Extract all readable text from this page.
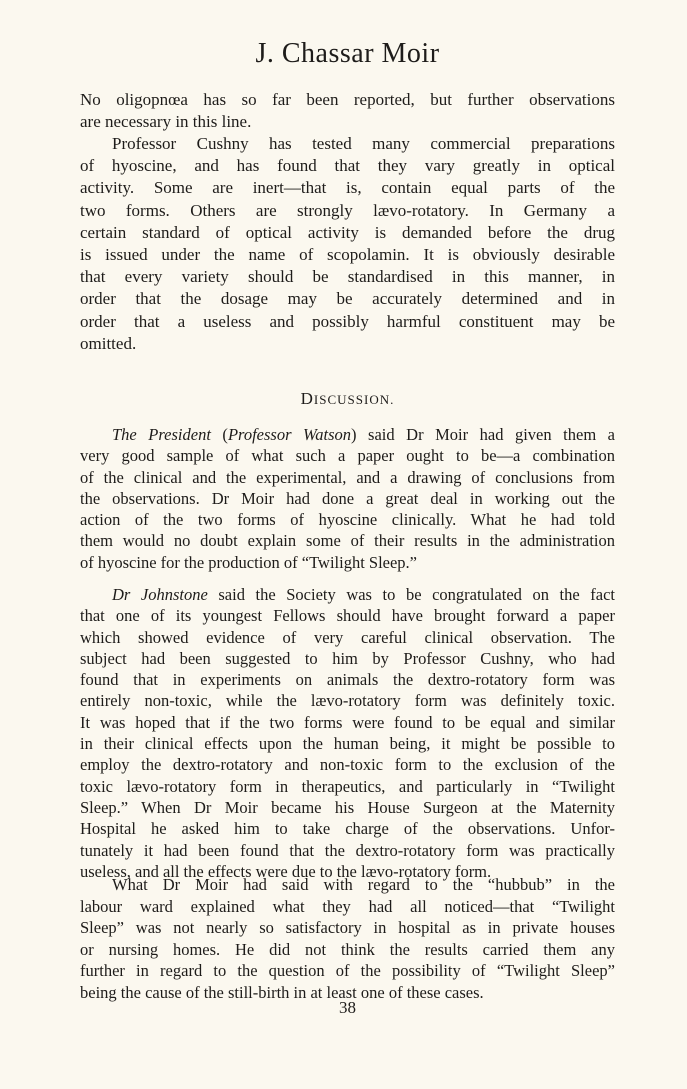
J. Chassar Moir
No oligopnœa has so far been reported, but further observations
are necessary in this line.
Professor Cushny has tested many commercial preparations
of hyoscine, and has found that they vary greatly in optical
activity. Some are inert—that is, contain equal parts of the
two forms. Others are strongly lævo-rotatory. In Germany a
certain standard of optical activity is demanded before the drug
is issued under the name of scopolamin. It is obviously desirable
that every variety should be standardised in this manner, in
order that the dosage may be accurately determined and in
order that a useless and possibly harmful constituent may be
omitted.
DISCUSSION.
The President (Professor Watson) said Dr Moir had given them a
very good sample of what such a paper ought to be—a combination
of the clinical and the experimental, and a drawing of conclusions from
the observations. Dr Moir had done a great deal in working out the
action of the two forms of hyoscine clinically. What he had told
them would no doubt explain some of their results in the administration
of hyoscine for the production of “Twilight Sleep.”
Dr Johnstone said the Society was to be congratulated on the fact
that one of its youngest Fellows should have brought forward a paper
which showed evidence of very careful clinical observation. The
subject had been suggested to him by Professor Cushny, who had
found that in experiments on animals the dextro-rotatory form was
entirely non-toxic, while the lævo-rotatory form was definitely toxic.
It was hoped that if the two forms were found to be equal and similar
in their clinical effects upon the human being, it might be possible to
employ the dextro-rotatory and non-toxic form to the exclusion of the
toxic lævo-rotatory form in therapeutics, and particularly in “Twilight
Sleep.” When Dr Moir became his House Surgeon at the Maternity
Hospital he asked him to take charge of the observations. Unfor-
tunately it had been found that the dextro-rotatory form was practically
useless, and all the effects were due to the lævo-rotatory form.
What Dr Moir had said with regard to the “hubbub” in the
labour ward explained what they had all noticed—that “Twilight
Sleep” was not nearly so satisfactory in hospital as in private houses
or nursing homes. He did not think the results carried them any
further in regard to the question of the possibility of “Twilight Sleep”
being the cause of the still-birth in at least one of these cases.
38
